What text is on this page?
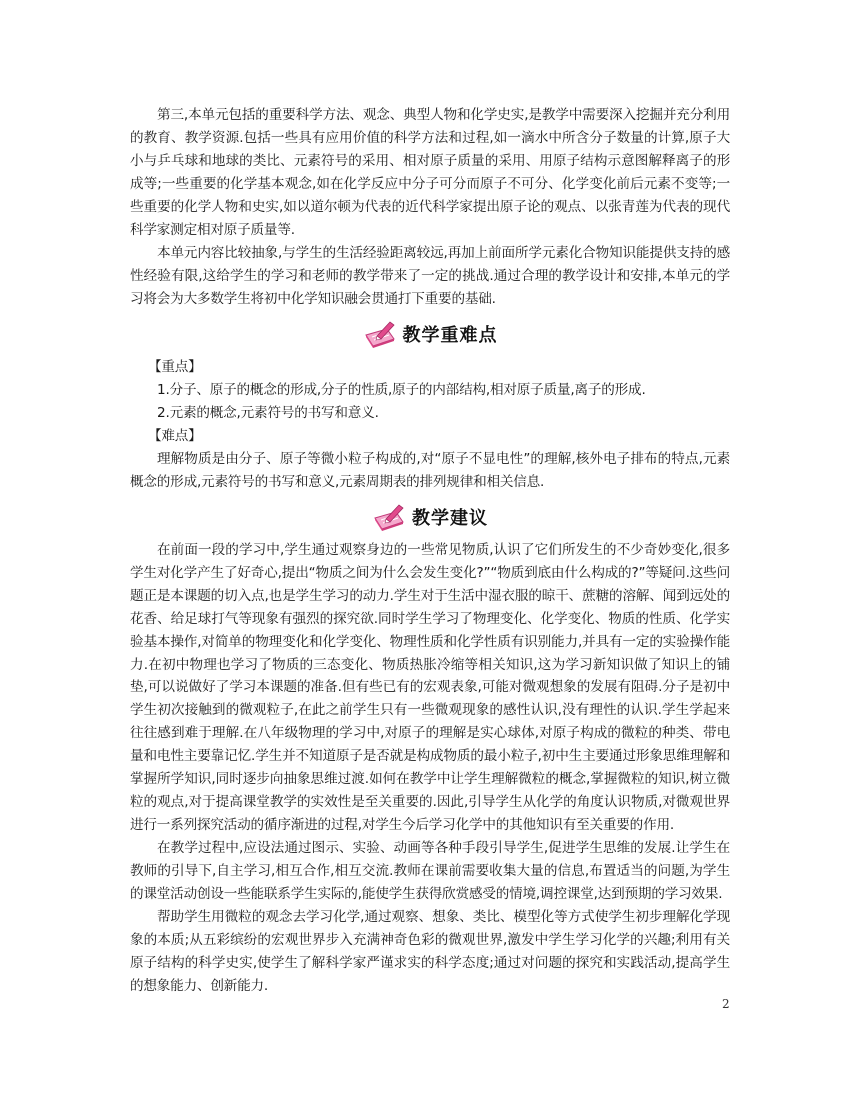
第三,本单元包括的重要科学方法、观念、典型人物和化学史实,是教学中需要深入挖掘并充分利用的教育、教学资源.包括一些具有应用价值的科学方法和过程,如一滴水中所含分子数量的计算,原子大小与乒乓球和地球的类比、元素符号的采用、相对原子质量的采用、用原子结构示意图解释离子的形成等;一些重要的化学基本观念,如在化学反应中分子可分而原子不可分、化学变化前后元素不变等;一些重要的化学人物和史实,如以道尔顿为代表的近代科学家提出原子论的观点、以张青莲为代表的现代科学家测定相对原子质量等.

本单元内容比较抽象,与学生的生活经验距离较远,再加上前面所学元素化合物知识能提供支持的感性经验有限,这给学生的学习和老师的教学带来了一定的挑战.通过合理的教学设计和安排,本单元的学习将会为大多数学生将初中化学知识融会贯通打下重要的基础.

教学重难点
【重点】
1.分子、原子的概念的形成,分子的性质,原子的内部结构,相对原子质量,离子的形成.
2.元素的概念,元素符号的书写和意义.
【难点】

理解物质是由分子、原子等微小粒子构成的,对“原子不显电性”的理解,核外电子排布的特点,元素概念的形成,元素符号的书写和意义,元素周期表的排列规律和相关信息.

教学建议

在前面一段的学习中,学生通过观察身边的一些常见物质,认识了它们所发生的不少奇妙变化,很多学生对化学产生了好奇心,提出“物质之间为什么会发生变化?”“物质到底由什么构成的?”等疑问.这些问题正是本课题的切入点,也是学生学习的动力.学生对于生活中湿衣服的晾干、蔗糖的溶解、闻到远处的花香、给足球打气等现象有强烈的探究欲.同时学生学习了物理变化、化学变化、物质的性质、化学实验基本操作,对简单的物理变化和化学变化、物理性质和化学性质有识别能力,并具有一定的实验操作能力.在初中物理也学习了物质的三态变化、物质热胀冷缩等相关知识,这为学习新知识做了知识上的铺垫,可以说做好了学习本课题的准备.但有些已有的宏观表象,可能对微观想象的发展有阻碍.分子是初中学生初次接触到的微观粒子,在此之前学生只有一些微观现象的感性认识,没有理性的认识.学生学起来往往感到难于理解.在八年级物理的学习中,对原子的理解是实心球体,对原子构成的微粒的种类、带电量和电性主要靠记忆.学生并不知道原子是否就是构成物质的最小粒子,初中生主要通过形象思维理解和掌握所学知识,同时逐步向抽象思维过渡.如何在教学中让学生理解微粒的概念,掌握微粒的知识,树立微粒的观点,对于提高课堂教学的实效性是至关重要的.因此,引导学生从化学的角度认识物质,对微观世界进行一系列探究活动的循序渐进的过程,对学生今后学习化学中的其他知识有至关重要的作用.

在教学过程中,应设法通过图示、实验、动画等各种手段引导学生,促进学生思维的发展.让学生在教师的引导下,自主学习,相互合作,相互交流.教师在课前需要收集大量的信息,布置适当的问题,为学生的课堂活动创设一些能联系学生实际的,能使学生获得欣赏感受的情境,调控课堂,达到预期的学习效果.

帮助学生用微粒的观念去学习化学,通过观察、想象、类比、模型化等方式使学生初步理解化学现象的本质;从五彩缤纷的宏观世界步入充满神奇色彩的微观世界,激发中学生学习化学的兴趣;利用有关原子结构的科学史实,使学生了解科学家严谨求实的科学态度;通过对问题的探究和实践活动,提高学生的想象能力、创新能力.

2
